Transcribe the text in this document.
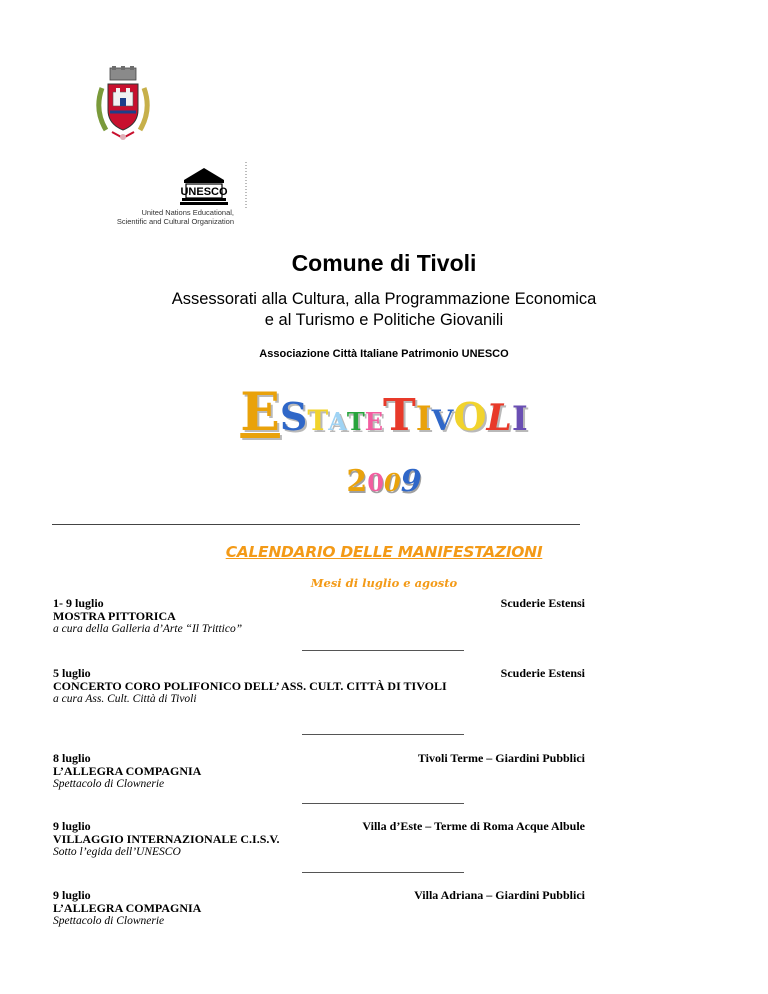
UNESCO
United Nations Educational,
Scientific and Cultural Organization
Comune di Tivoli
Assessorati alla Cultura, alla Programmazione Economica
e al Turismo e Politiche Giovanili
Associazione Città Italiane Patrimonio UNESCO
ESTATETIVOLI
2009
CALENDARIO DELLE MANIFESTAZIONI
Mesi di luglio e agosto
1- 9 luglio	Scuderie Estensi
MOSTRA PITTORICA
a cura della Galleria d’Arte “Il Trittico”
5 luglio	Scuderie Estensi
CONCERTO CORO POLIFONICO DELL’ ASS. CULT. CITTÀ DI TIVOLI
a cura Ass. Cult. Città di Tivoli
8 luglio	Tivoli Terme – Giardini Pubblici
L’ALLEGRA COMPAGNIA
Spettacolo di Clownerie
9 luglio	Villa d’Este – Terme di Roma Acque Albule
VILLAGGIO INTERNAZIONALE C.I.S.V.
Sotto l’egida dell’UNESCO
9 luglio	Villa Adriana – Giardini Pubblici
L’ALLEGRA COMPAGNIA
Spettacolo di Clownerie
